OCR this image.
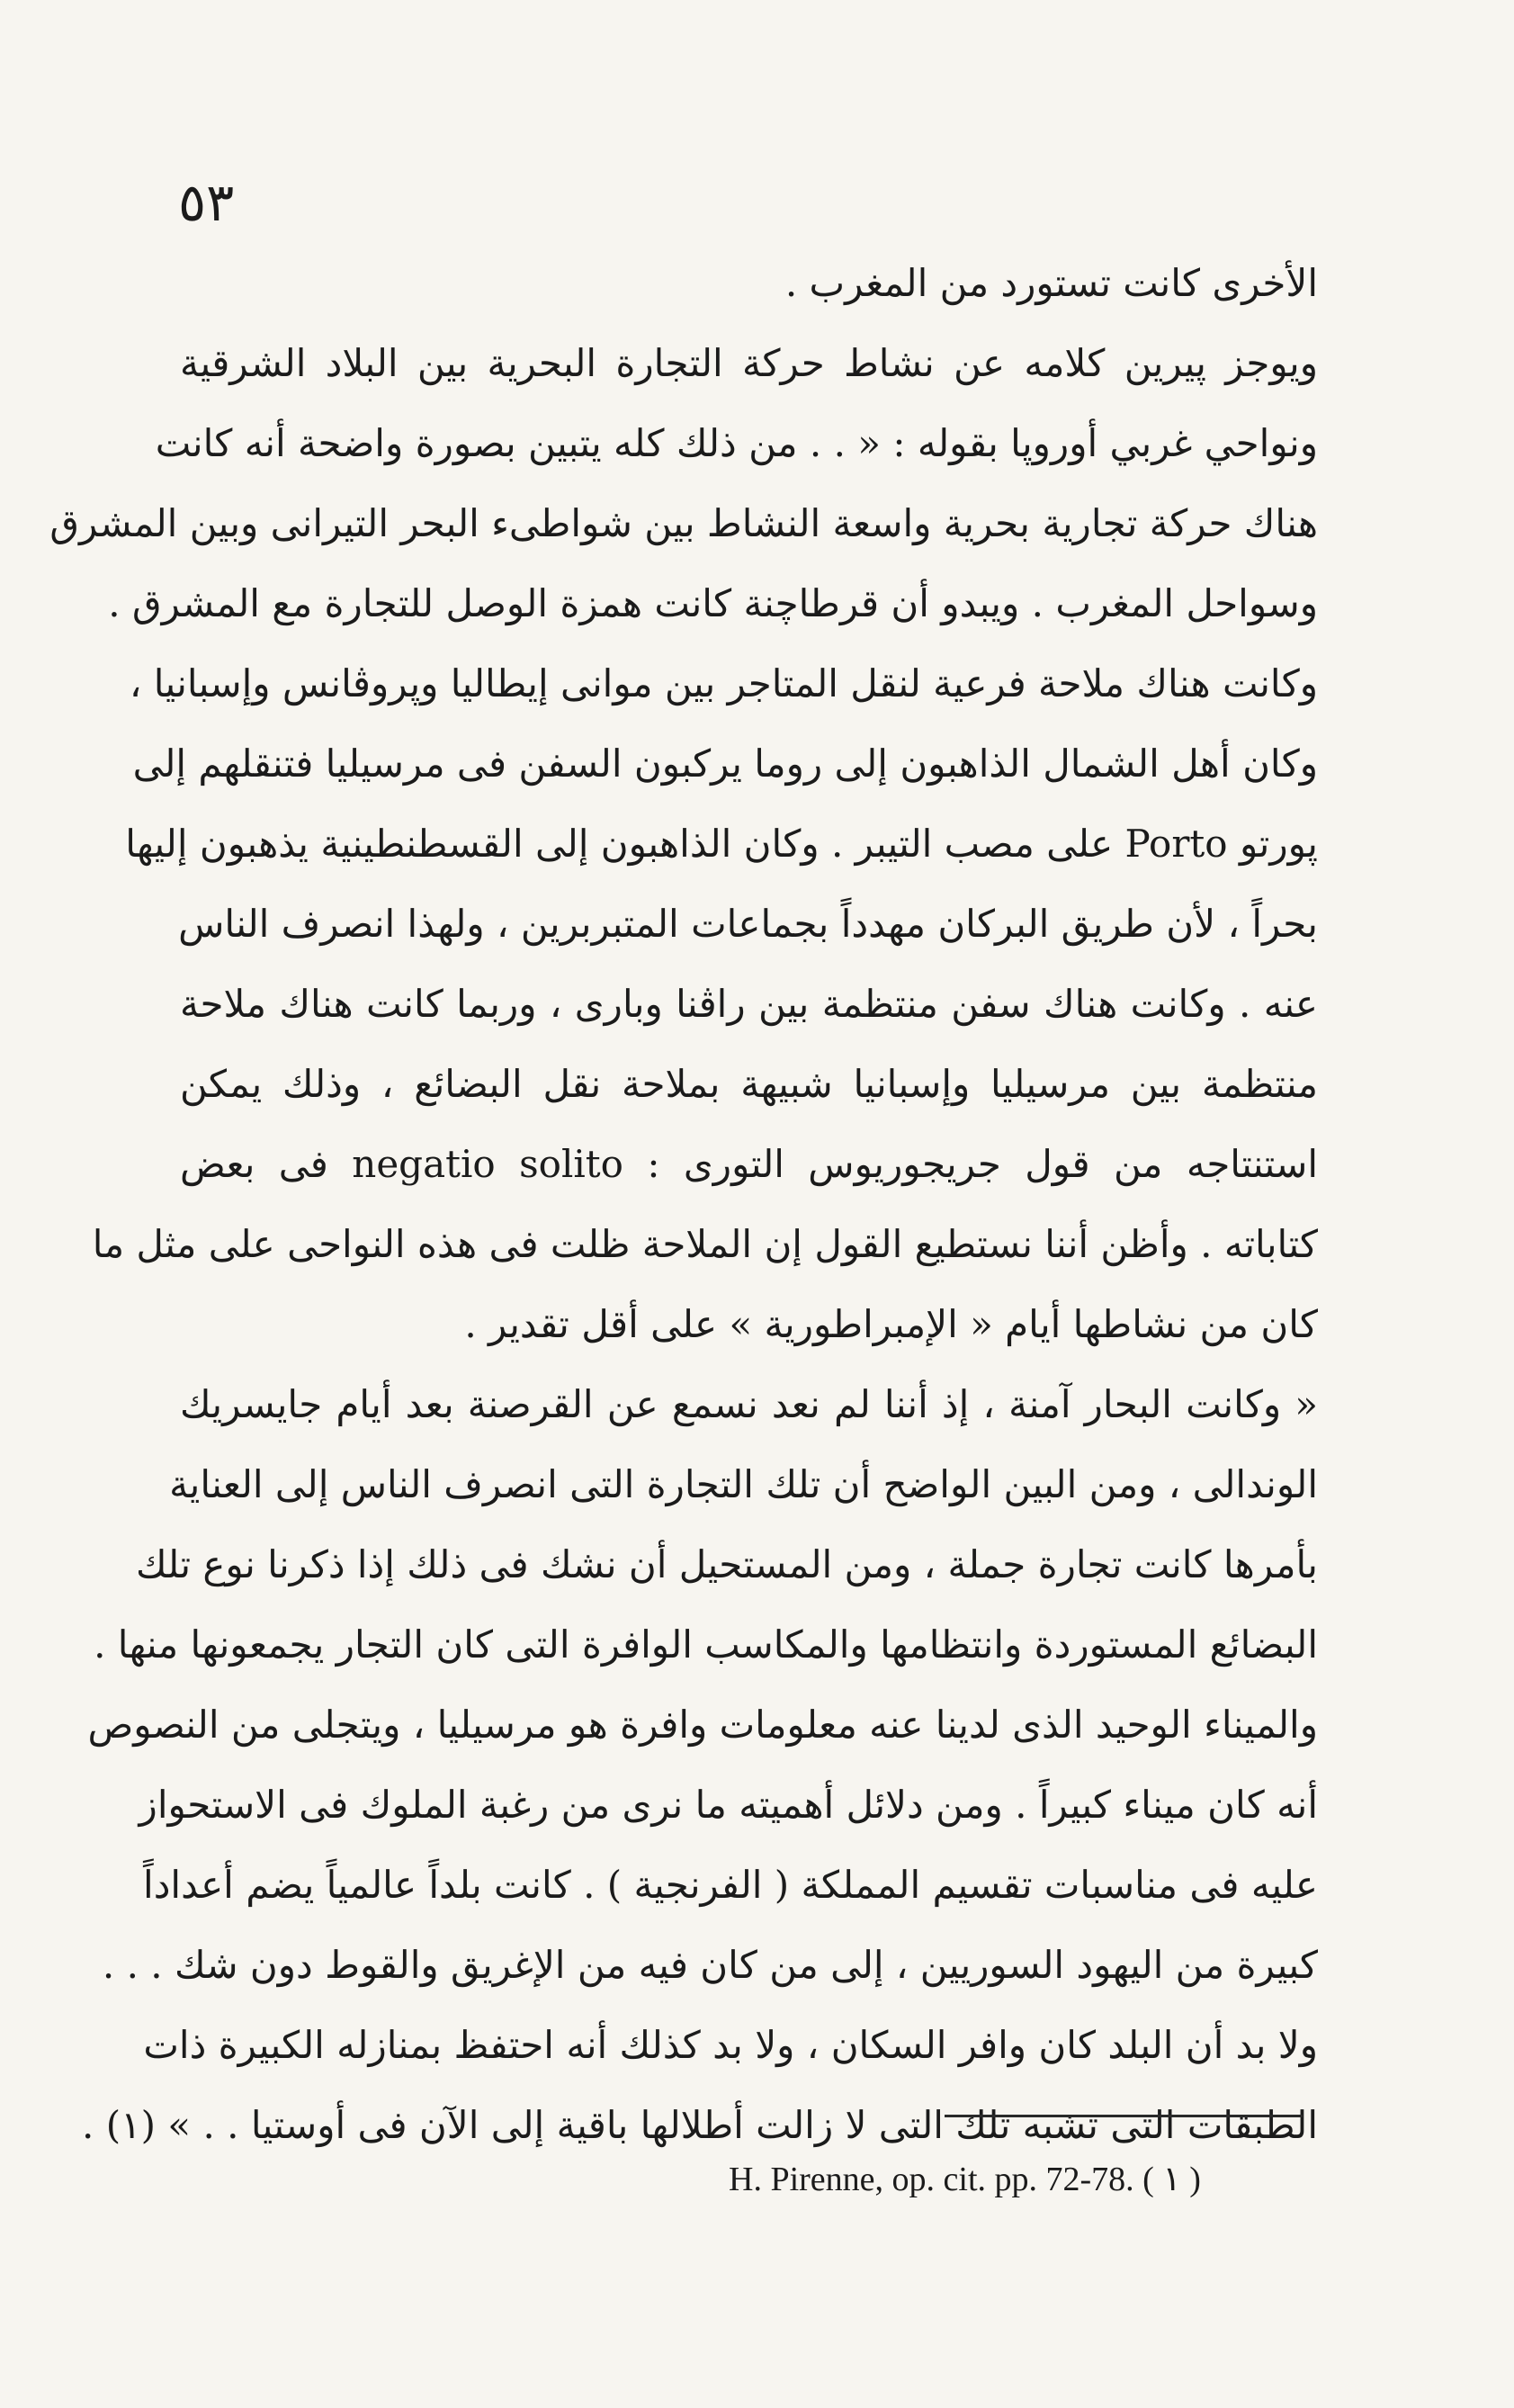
٥٣
الأخرى كانت تستورد من المغرب .
ويوجز پيرين كلامه عن نشاط حركة التجارة البحرية بين البلاد الشرقية
ونواحي غربي أوروپا بقوله : « . . من ذلك كله يتبين بصورة واضحة أنه كانت
هناك حركة تجارية بحرية واسعة النشاط بين شواطىء البحر التيرانى وبين المشرق
وسواحل المغرب . ويبدو أن قرطاچنة كانت همزة الوصل للتجارة مع المشرق .
وكانت هناك ملاحة فرعية لنقل المتاجر بين موانى إيطاليا وپروڤانس وإسبانيا ،
وكان أهل الشمال الذاهبون إلى روما يركبون السفن فى مرسيليا فتنقلهم إلى
پورتو Porto على مصب التيبر . وكان الذاهبون إلى القسطنطينية يذهبون إليها
بحراً ، لأن طريق البركان مهدداً بجماعات المتبربرين ، ولهذا انصرف الناس
عنه . وكانت هناك سفن منتظمة بين راڤنا وبارى ، وربما كانت هناك ملاحة
منتظمة بين مرسيليا وإسبانيا شبيهة بملاحة نقل البضائع ، وذلك يمكن
استنتاجه من قول جريجوريوس التورى : negatio solito فى بعض
كتاباته . وأظن أننا نستطيع القول إن الملاحة ظلت فى هذه النواحى على مثل ما
كان من نشاطها أيام « الإمبراطورية » على أقل تقدير .
« وكانت البحار آمنة ، إذ أننا لم نعد نسمع عن القرصنة بعد أيام جايسريك
الوندالى ، ومن البين الواضح أن تلك التجارة التى انصرف الناس إلى العناية
بأمرها كانت تجارة جملة ، ومن المستحيل أن نشك فى ذلك إذا ذكرنا نوع تلك
البضائع المستوردة وانتظامها والمكاسب الوافرة التى كان التجار يجمعونها منها .
والميناء الوحيد الذى لدينا عنه معلومات وافرة هو مرسيليا ، ويتجلى من النصوص
أنه كان ميناء كبيراً . ومن دلائل أهميته ما نرى من رغبة الملوك فى الاستحواز
عليه فى مناسبات تقسيم المملكة ( الفرنجية ) . كانت بلداً عالمياً يضم أعداداً
كبيرة من اليهود السوريين ، إلى من كان فيه من الإغريق والقوط دون شك . . .
ولا بد أن البلد كان وافر السكان ، ولا بد كذلك أنه احتفظ بمنازله الكبيرة ذات
الطبقات التى تشبه تلك التى لا زالت أطلالها باقية إلى الآن فى أوستيا . . » (١) .
H. Pirenne, op. cit. pp. 72-78. ( ١ )
